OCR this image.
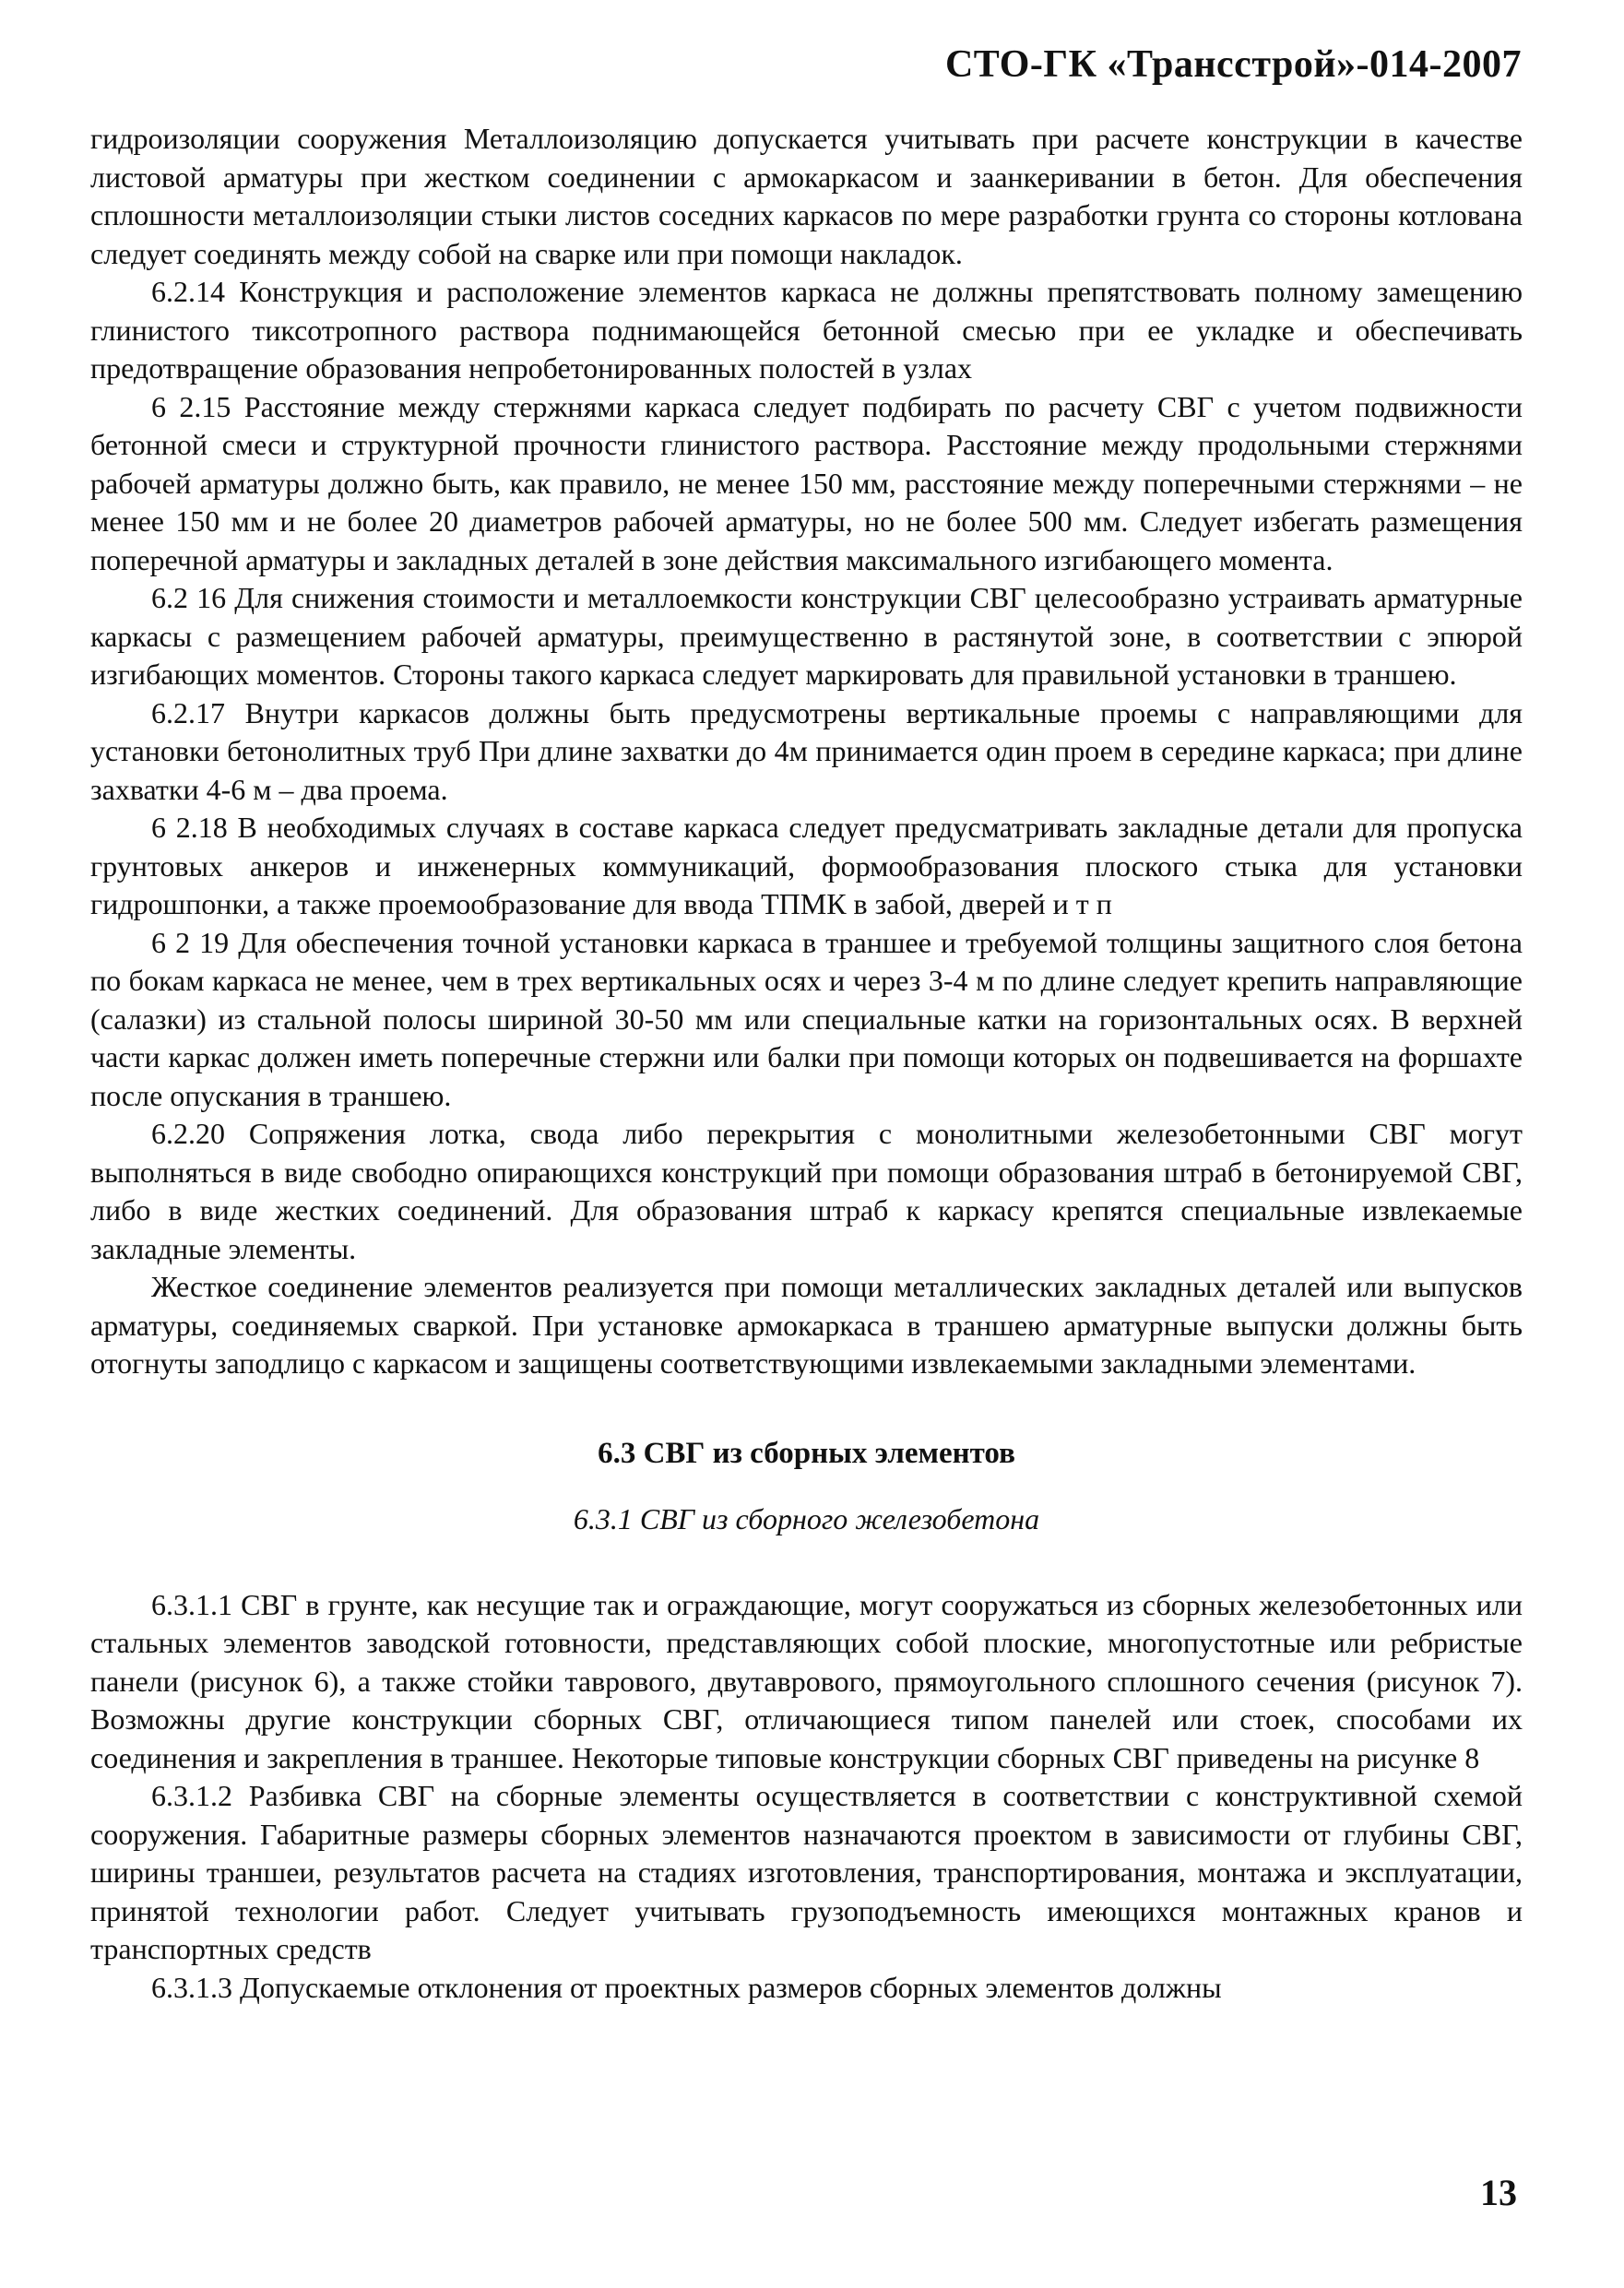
СТО-ГК «Трансстрой»-014-2007

гидроизоляции сооружения Металлоизоляцию допускается учитывать при расчете конструкции в качестве листовой арматуры при жестком соединении с армокаркасом и заанкеривании в бетон. Для обеспечения сплошности металлоизоляции стыки листов соседних каркасов по мере разработки грунта со стороны котлована следует соединять между собой на сварке или при помощи накладок.

6.2.14 Конструкция и расположение элементов каркаса не должны препятствовать полному замещению глинистого тиксотропного раствора поднимающейся бетонной смесью при ее укладке и обеспечивать предотвращение образования непробетонированных полостей в узлах

6 2.15 Расстояние между стержнями каркаса следует подбирать по расчету СВГ с учетом подвижности бетонной смеси и структурной прочности глинистого раствора. Расстояние между продольными стержнями рабочей арматуры должно быть, как правило, не менее 150 мм, расстояние между поперечными стержнями – не менее 150 мм и не более 20 диаметров рабочей арматуры, но не более 500 мм. Следует избегать размещения поперечной арматуры и закладных деталей в зоне действия максимального изгибающего момента.

6.2 16 Для снижения стоимости и металлоемкости конструкции СВГ целесообразно устраивать арматурные каркасы с размещением рабочей арматуры, преимущественно в растянутой зоне, в соответствии с эпюрой изгибающих моментов. Стороны такого каркаса следует маркировать для правильной установки в траншею.

6.2.17 Внутри каркасов должны быть предусмотрены вертикальные проемы с направляющими для установки бетонолитных труб При длине захватки до 4м принимается один проем в середине каркаса; при длине захватки 4-6 м – два проема.

6 2.18 В необходимых случаях в составе каркаса следует предусматривать закладные детали для пропуска грунтовых анкеров и инженерных коммуникаций, формообразования плоского стыка для установки гидрошпонки, а также проемообразование для ввода ТПМК в забой, дверей и т п

6 2 19 Для обеспечения точной установки каркаса в траншее и требуемой толщины защитного слоя бетона по бокам каркаса не менее, чем в трех вертикальных осях и через 3-4 м по длине следует крепить направляющие (салазки) из стальной полосы шириной 30-50 мм или специальные катки на горизонтальных осях. В верхней части каркас должен иметь поперечные стержни или балки при помощи которых он подвешивается на форшахте после опускания в траншею.

6.2.20 Сопряжения лотка, свода либо перекрытия с монолитными железобетонными СВГ могут выполняться в виде свободно опирающихся конструкций при помощи образования штраб в бетонируемой СВГ, либо в виде жестких соединений. Для образования штраб к каркасу крепятся специальные извлекаемые закладные элементы.

Жесткое соединение элементов реализуется при помощи металлических закладных деталей или выпусков арматуры, соединяемых сваркой. При установке армокаркаса в траншею арматурные выпуски должны быть отогнуты заподлицо с каркасом и защищены соответствующими извлекаемыми закладными элементами.

6.3 СВГ из сборных элементов
6.3.1 СВГ из сборного железобетона

6.3.1.1 СВГ в грунте, как несущие так и ограждающие, могут сооружаться из сборных железобетонных или стальных элементов заводской готовности, представляющих собой плоские, многопустотные или ребристые панели (рисунок 6), а также стойки таврового, двутаврового, прямоугольного сплошного сечения (рисунок 7). Возможны другие конструкции сборных СВГ, отличающиеся типом панелей или стоек, способами их соединения и закрепления в траншее. Некоторые типовые конструкции сборных СВГ приведены на рисунке 8

6.3.1.2 Разбивка СВГ на сборные элементы осуществляется в соответствии с конструктивной схемой сооружения. Габаритные размеры сборных элементов назначаются проектом в зависимости от глубины СВГ, ширины траншеи, результатов расчета на стадиях изготовления, транспортирования, монтажа и эксплуатации, принятой технологии работ. Следует учитывать грузоподъемность имеющихся монтажных кранов и транспортных средств

6.3.1.3 Допускаемые отклонения от проектных размеров сборных элементов должны

13
